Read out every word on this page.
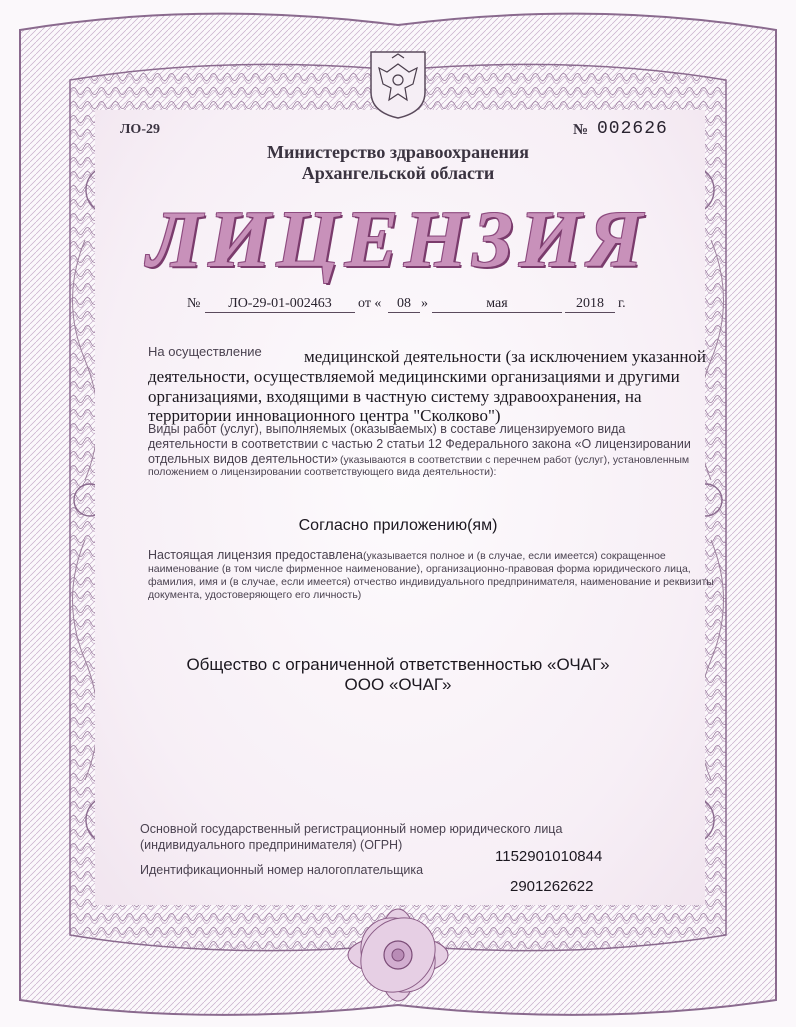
ЛО-29	№ 002626
Министерство здравоохранения
Архангельской области
ЛИЦЕНЗИЯ
№	ЛО-29-01-002463	от «	08 »	мая	2018	г.
На осуществление медицинской деятельности (за исключением указанной
деятельности, осуществляемой медицинскими организациями и другими
организациями, входящими в частную систему здравоохранения, на
территории инновационного центра "Сколково")
Виды работ (услуг), выполняемых (оказываемых) в составе лицензируемого вида
деятельности в соответствии с частью 2 статьи 12 Федерального закона «О лицензировании
отдельных видов деятельности» (указываются в соответствии с перечнем работ (услуг), установленным
положением о лицензировании соответствующего вида деятельности):
Согласно приложению(ям)
Настоящая лицензия предоставлена (указывается полное и (в случае, если имеется) сокращенное
наименование (в том числе фирменное наименование), организационно-правовая форма юридического лица,
фамилия, имя и (в случае, если имеется) отчество индивидуального предпринимателя, наименование и реквизиты
документа, удостоверяющего его личность)
Общество с ограниченной ответственностью «ОЧАГ»
ООО «ОЧАГ»
Основной государственный регистрационный номер юридического лица
(индивидуального предпринимателя) (ОГРН)
1152901010844
Идентификационный номер налогоплательщика
2901262622
